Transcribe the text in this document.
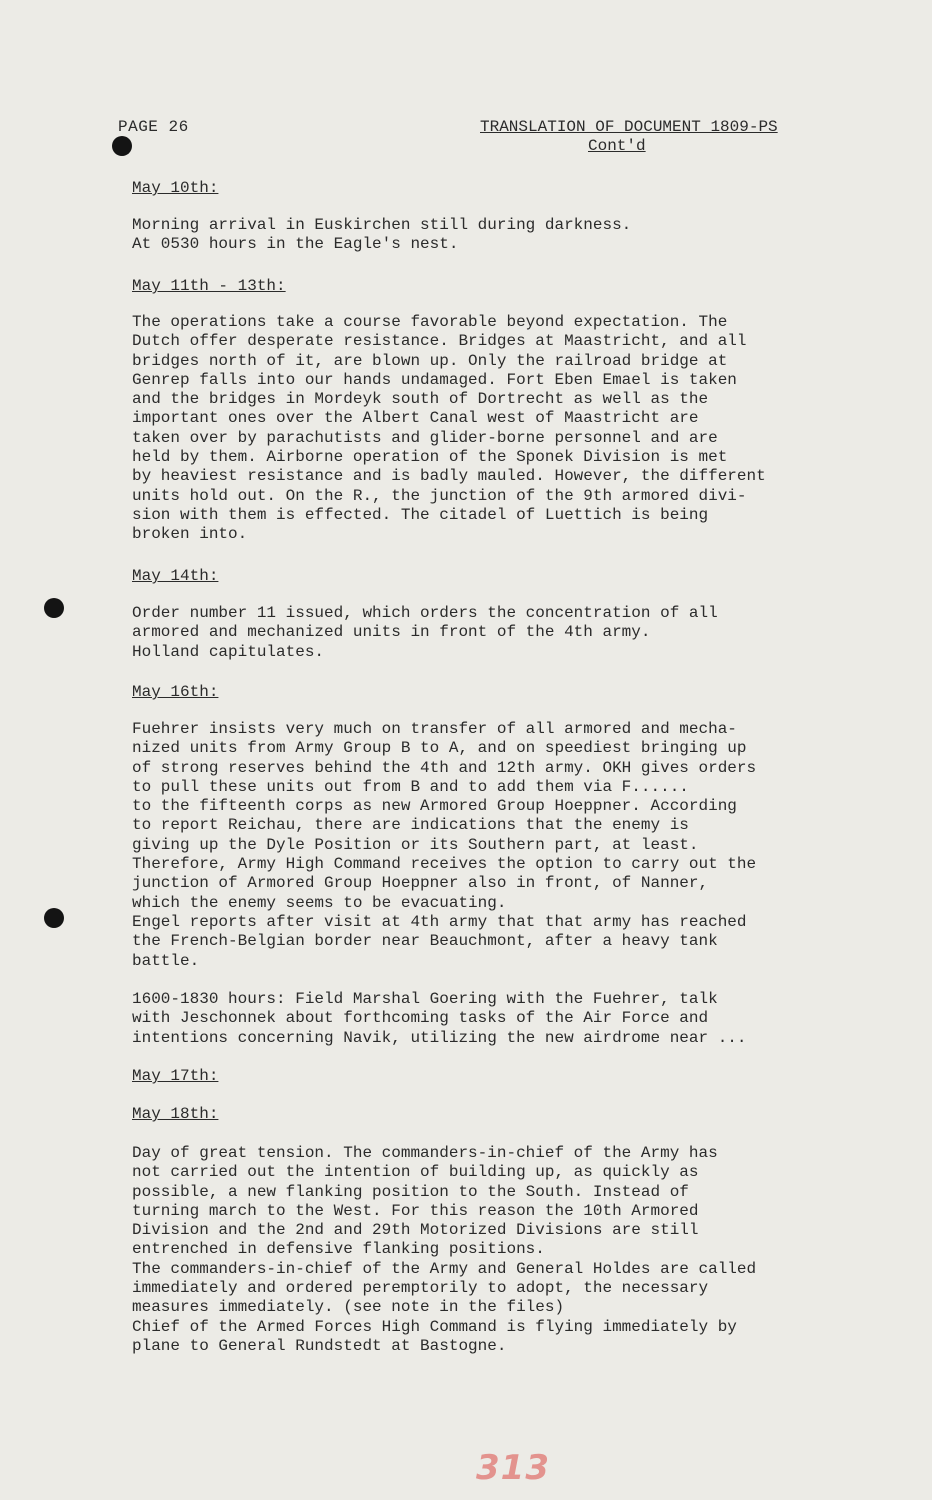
PAGE 26	TRANSLATION OF DOCUMENT 1809-PS
Cont'd
May 10th:

Morning arrival in Euskirchen still during darkness.
At 0530 hours in the Eagle's nest.

May 11th - 13th:

The operations take a course favorable beyond expectation. The
Dutch offer desperate resistance. Bridges at Maastricht, and all
bridges north of it, are blown up. Only the railroad bridge at
Genrep falls into our hands undamaged. Fort Eben Emael is taken
and the bridges in Mordeyk south of Dortrecht as well as the
important ones over the Albert Canal west of Maastricht are
taken over by parachutists and glider-borne personnel and are
held by them. Airborne operation of the Sponek Division is met
by heaviest resistance and is badly mauled. However, the different
units hold out. On the R., the junction of the 9th armored divi-
sion with them is effected. The citadel of Luettich is being
broken into.

May 14th:

Order number 11 issued, which orders the concentration of all
armored and mechanized units in front of the 4th army.
Holland capitulates.

May 16th:

Fuehrer insists very much on transfer of all armored and mecha-
nized units from Army Group B to A, and on speediest bringing up
of strong reserves behind the 4th and 12th army. OKH gives orders
to pull these units out from B and to add them via F......
to the fifteenth corps as new Armored Group Hoeppner. According
to report Reichau, there are indications that the enemy is
giving up the Dyle Position or its Southern part, at least.
Therefore, Army High Command receives the option to carry out the
junction of Armored Group Hoeppner also in front, of Nanner,
which the enemy seems to be evacuating.
Engel reports after visit at 4th army that that army has reached
the French-Belgian border near Beauchmont, after a heavy tank
battle.

1600-1830 hours: Field Marshal Goering with the Fuehrer, talk
with Jeschonnek about forthcoming tasks of the Air Force and
intentions concerning Navik, utilizing the new airdrome near ...

May 17th:
May 18th:

Day of great tension. The commanders-in-chief of the Army has
not carried out the intention of building up, as quickly as
possible, a new flanking position to the South. Instead of
turning march to the West. For this reason the 10th Armored
Division and the 2nd and 29th Motorized Divisions are still
entrenched in defensive flanking positions.
The commanders-in-chief of the Army and General Holdes are called
immediately and ordered peremptorily to adopt, the necessary
measures immediately. (see note in the files)
Chief of the Armed Forces High Command is flying immediately by
plane to General Rundstedt at Bastogne.

313
